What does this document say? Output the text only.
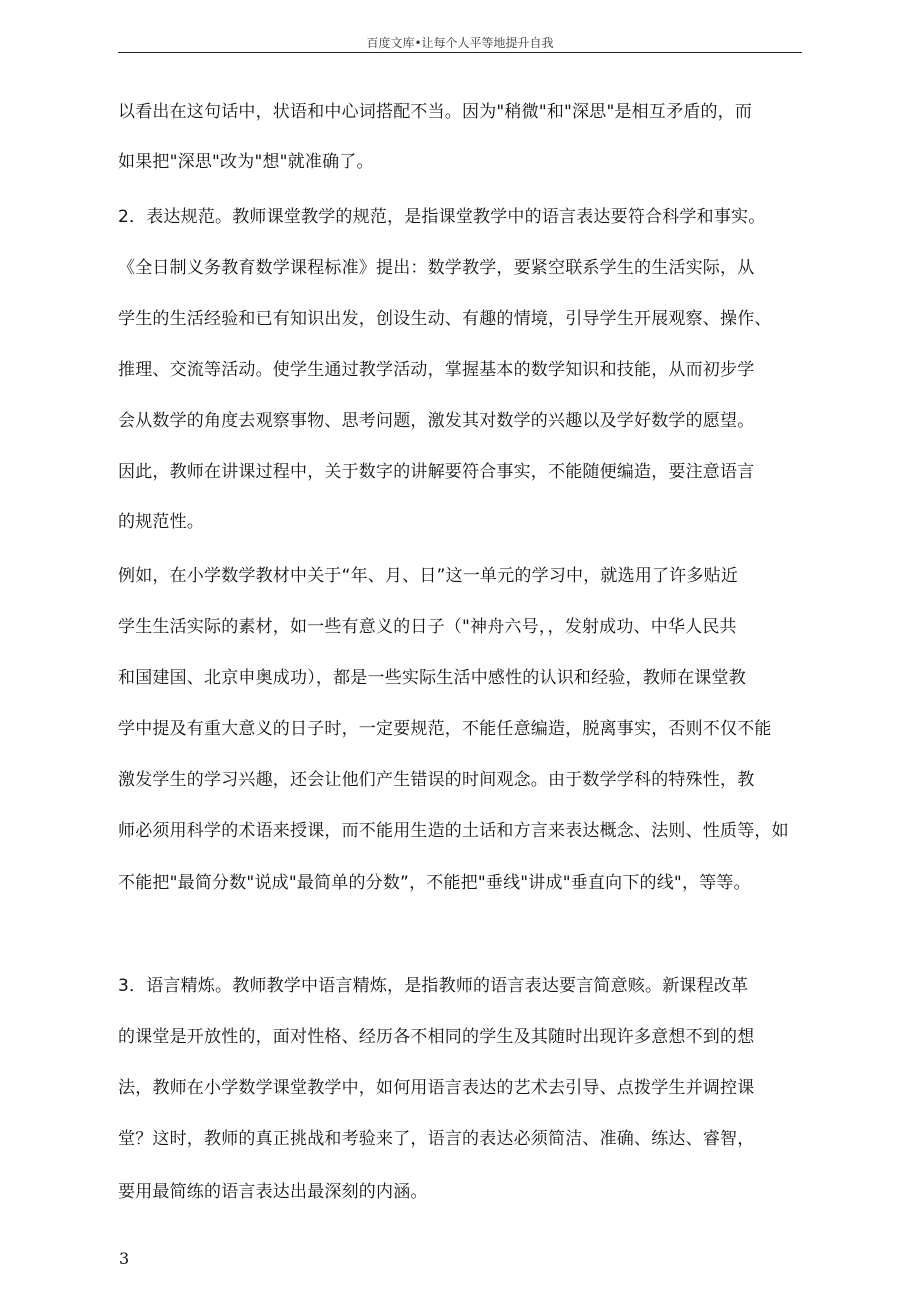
百度文库•让每个人平等地提升自我
以看出在这句话中，状语和中心词搭配不当。因为"稍微"和"深思"是相互矛盾的，而
如果把"深思"改为"想"就准确了。
2．表达规范。教师课堂教学的规范，是指课堂教学中的语言表达要符合科学和事实。
《全日制义务教育数学课程标准》提出：数学教学，要紧空联系学生的生活实际，从
学生的生活经验和已有知识出发，创设生动、有趣的情境，引导学生开展观察、操作、
推理、交流等活动。使学生通过教学活动，掌握基本的数学知识和技能，从而初步学
会从数学的角度去观察事物、思考问题，激发其对数学的兴趣以及学好数学的愿望。
因此，教师在讲课过程中，关于数字的讲解要符合事实，不能随便编造，要注意语言
的规范性。
例如，在小学数学教材中关于“年、月、日”这一单元的学习中，就选用了许多贴近
学生生活实际的素材，如一些有意义的日子（"神舟六号，，发射成功、中华人民共
和国建国、北京申奥成功），都是一些实际生活中感性的认识和经验，教师在课堂教
学中提及有重大意义的日子时，一定要规范，不能任意编造，脱离事实，否则不仅不能
激发学生的学习兴趣，还会让他们产生错误的时间观念。由于数学学科的特殊性，教
师必须用科学的术语来授课，而不能用生造的土话和方言来表达概念、法则、性质等，如
不能把"最简分数"说成"最简单的分数”，不能把"垂线"讲成"垂直向下的线"，等等。
3．语言精炼。教师教学中语言精炼，是指教师的语言表达要言简意赅。新课程改革
的课堂是开放性的，面对性格、经历各不相同的学生及其随时出现许多意想不到的想
法，教师在小学数学课堂教学中，如何用语言表达的艺术去引导、点拨学生并调控课
堂？这时，教师的真正挑战和考验来了，语言的表达必须简洁、准确、练达、睿智，
要用最简练的语言表达出最深刻的内涵。
3
